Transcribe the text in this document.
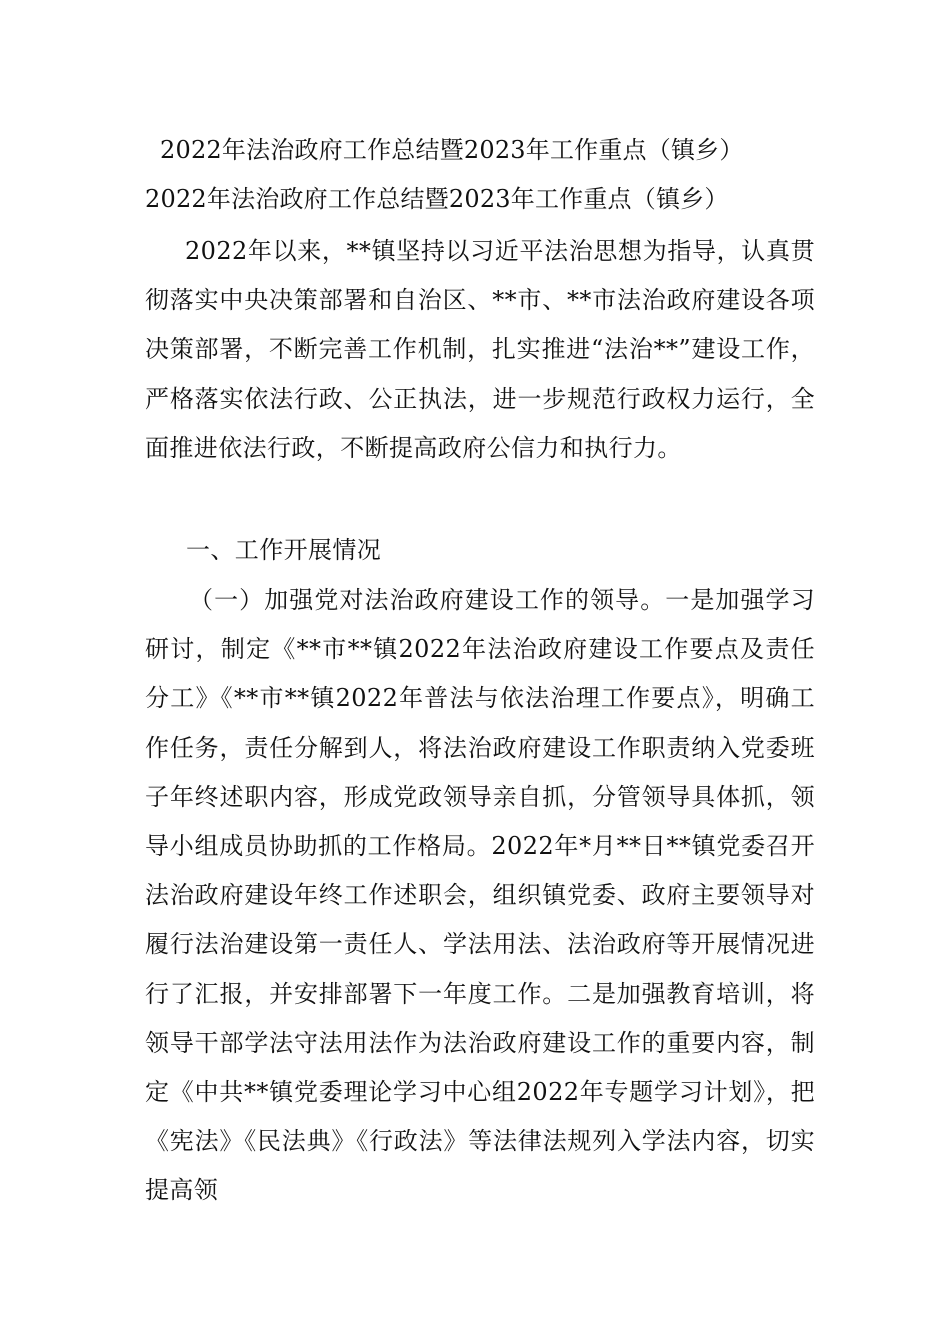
2022年法治政府工作总结暨2023年工作重点（镇乡）
2022年法治政府工作总结暨2023年工作重点（镇乡）
2022年以来，**镇坚持以习近平法治思想为指导，认真贯彻落实中央决策部署和自治区、**市、**市法治政府建设各项决策部署，不断完善工作机制，扎实推进“法治**”建设工作，严格落实依法行政、公正执法，进一步规范行政权力运行，全面推进依法行政，不断提高政府公信力和执行力。
一、工作开展情况
（一）加强党对法治政府建设工作的领导。一是加强学习研讨，制定《**市**镇2022年法治政府建设工作要点及责任分工》《**市**镇2022年普法与依法治理工作要点》，明确工作任务，责任分解到人，将法治政府建设工作职责纳入党委班子年终述职内容，形成党政领导亲自抓，分管领导具体抓，领导小组成员协助抓的工作格局。2022年*月**日**镇党委召开法治政府建设年终工作述职会，组织镇党委、政府主要领导对履行法治建设第一责任人、学法用法、法治政府等开展情况进行了汇报，并安排部署下一年度工作。二是加强教育培训，将领导干部学法守法用法作为法治政府建设工作的重要内容，制定《中共**镇党委理论学习中心组2022年专题学习计划》，把《宪法》《民法典》《行政法》等法律法规列入学法内容，切实提高领
